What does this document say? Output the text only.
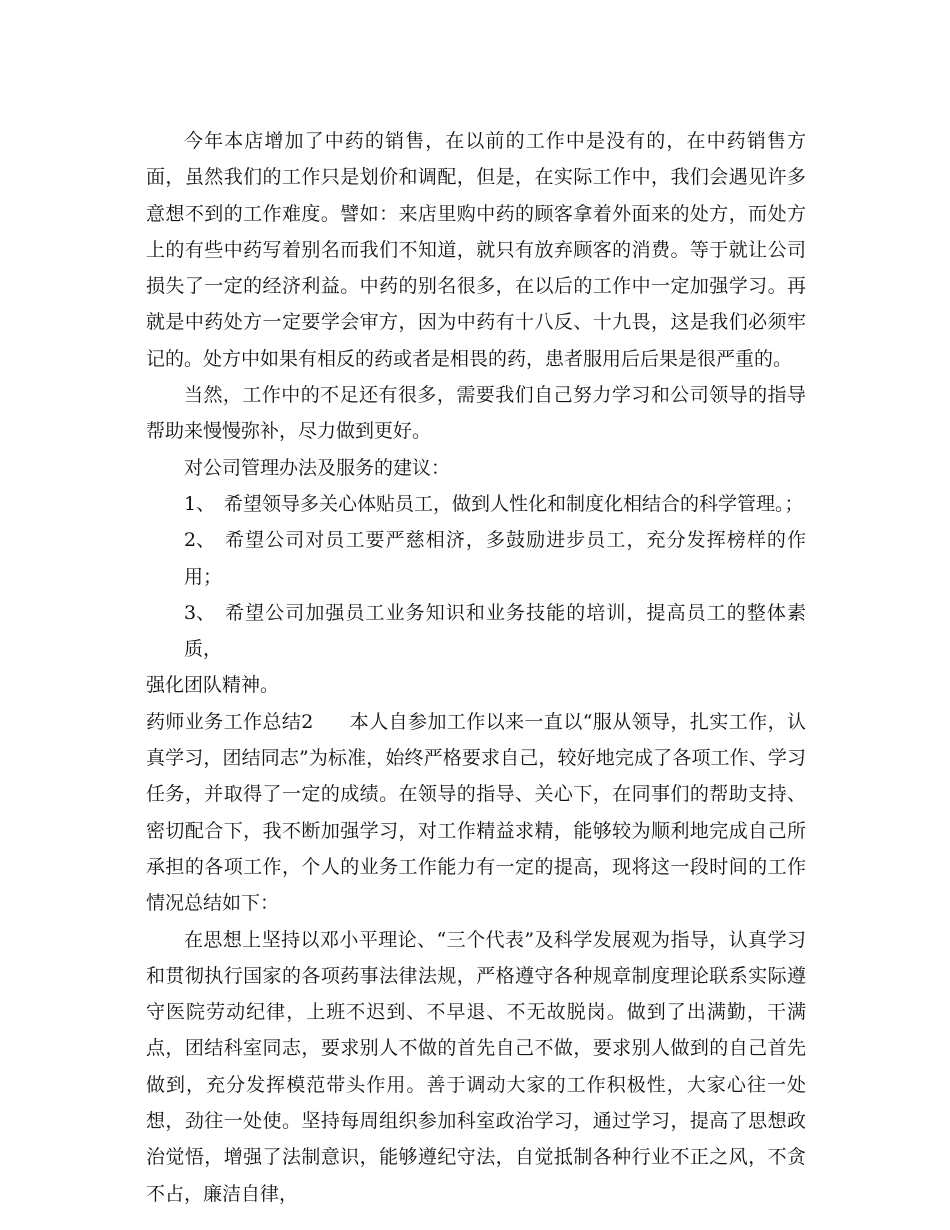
今年本店增加了中药的销售，在以前的工作中是没有的，在中药销售方面，虽然我们的工作只是划价和调配，但是，在实际工作中，我们会遇见许多意想不到的工作难度。譬如：来店里购中药的顾客拿着外面来的处方，而处方上的有些中药写着别名而我们不知道，就只有放弃顾客的消费。等于就让公司损失了一定的经济利益。中药的别名很多，在以后的工作中一定加强学习。再就是中药处方一定要学会审方，因为中药有十八反、十九畏，这是我们必须牢记的。处方中如果有相反的药或者是相畏的药，患者服用后后果是很严重的。

当然，工作中的不足还有很多，需要我们自己努力学习和公司领导的指导帮助来慢慢弥补，尽力做到更好。

对公司管理办法及服务的建议：

1、 希望领导多关心体贴员工，做到人性化和制度化相结合的科学管理。；

2、 希望公司对员工要严慈相济，多鼓励进步员工，充分发挥榜样的作用；

3、 希望公司加强员工业务知识和业务技能的培训，提高员工的整体素质，

强化团队精神。

药师业务工作总结2 本人自参加工作以来一直以“服从领导，扎实工作，认真学习，团结同志”为标准，始终严格要求自己，较好地完成了各项工作、学习任务，并取得了一定的成绩。在领导的指导、关心下，在同事们的帮助支持、密切配合下，我不断加强学习，对工作精益求精，能够较为顺利地完成自己所承担的各项工作，个人的业务工作能力有一定的提高，现将这一段时间的工作情况总结如下：

在思想上坚持以邓小平理论、“三个代表”及科学发展观为指导，认真学习和贯彻执行国家的各项药事法律法规，严格遵守各种规章制度理论联系实际遵守医院劳动纪律，上班不迟到、不早退、不无故脱岗。做到了出满勤，干满点，团结科室同志，要求别人不做的首先自己不做，要求别人做到的自己首先做到，充分发挥模范带头作用。善于调动大家的工作积极性，大家心往一处想，劲往一处使。坚持每周组织参加科室政治学习，通过学习，提高了思想政治觉悟，增强了法制意识，能够遵纪守法，自觉抵制各种行业不正之风，不贪不占，廉洁自律，
